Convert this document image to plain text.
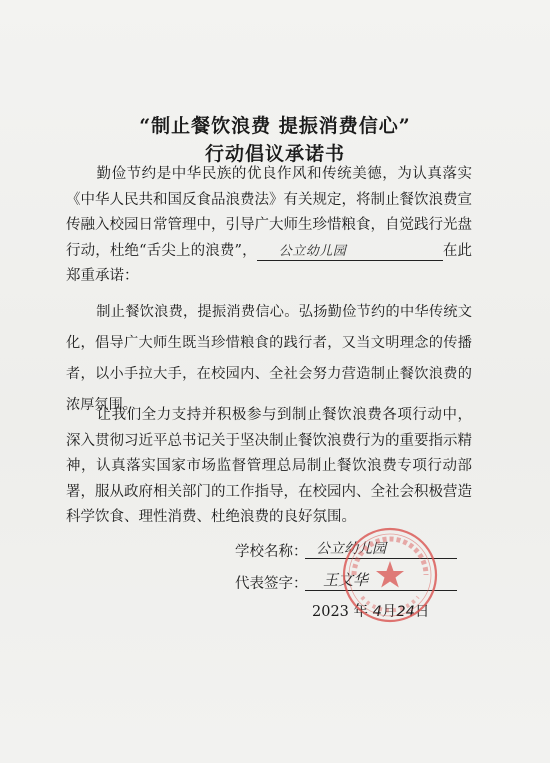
“制止餐饮浪费 提振消费信心”
行动倡议承诺书
勤俭节约是中华民族的优良作风和传统美德，为认真落实《中华人民共和国反食品浪费法》有关规定，将制止餐饮浪费宣传融入校园日常管理中，引导广大师生珍惜粮食，自觉践行光盘行动，杜绝“舌尖上的浪费”， 公立幼儿园	在此郑重承诺：
制止餐饮浪费，提振消费信心。弘扬勤俭节约的中华传统文化，倡导广大师生既当珍惜粮食的践行者，又当文明理念的传播者，以小手拉大手，在校园内、全社会努力营造制止餐饮浪费的浓厚氛围。
让我们全力支持并积极参与到制止餐饮浪费各项行动中，深入贯彻习近平总书记关于坚决制止餐饮浪费行为的重要指示精神，认真落实国家市场监督管理总局制止餐饮浪费专项行动部署，服从政府相关部门的工作指导，在校园内、全社会积极营造科学饮食、理性消费、杜绝浪费的良好氛围。
学校名称： 公立幼儿园
代表签字： 王文华
2023 年 4月24日
